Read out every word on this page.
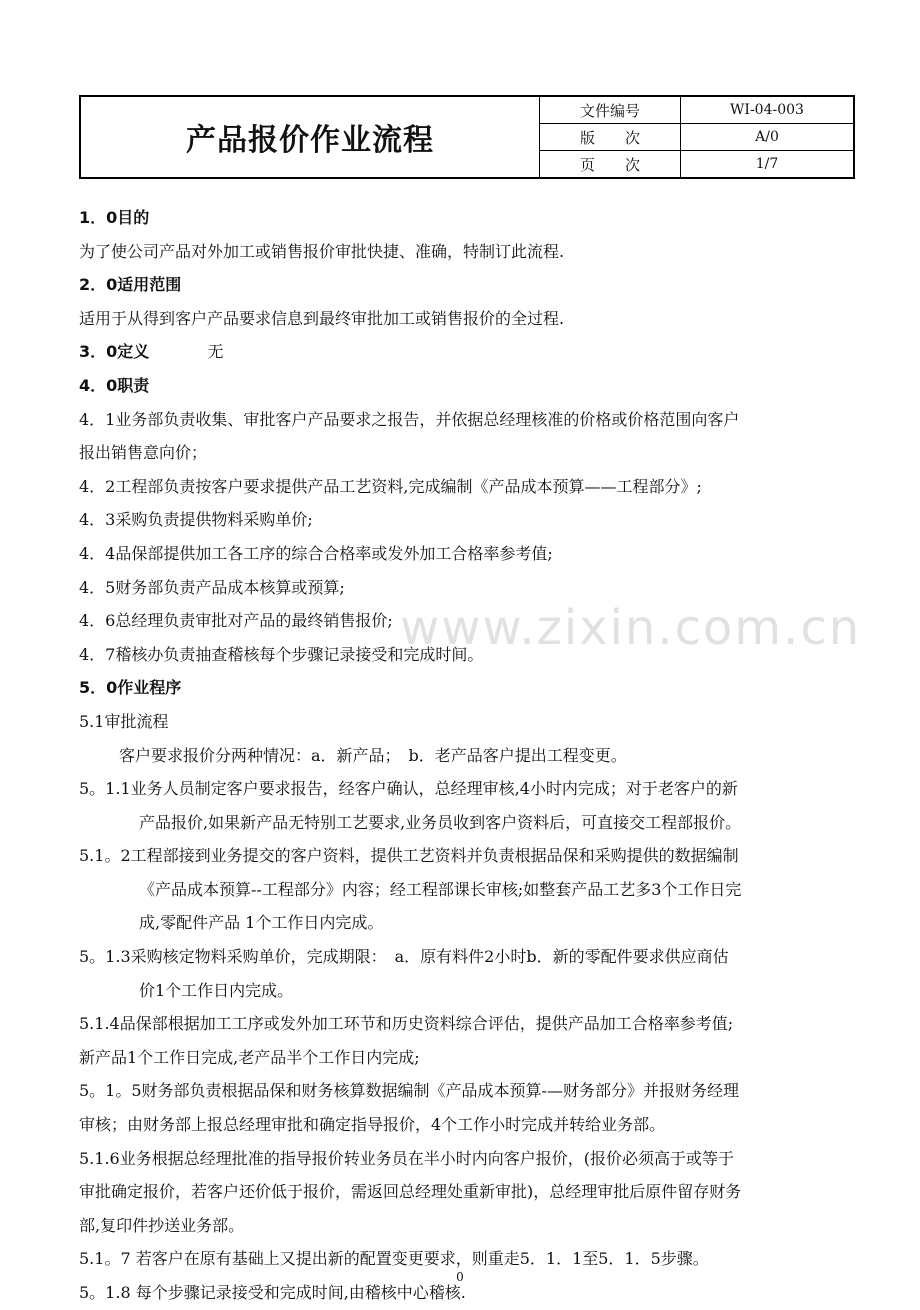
产品报价作业流程
文件编号	WI-04-003
版　　次	A/0
页　　次	1/7
1．0目的
为了使公司产品对外加工或销售报价审批快捷、准确，特制订此流程.
2．0适用范围
适用于从得到客户产品要求信息到最终审批加工或销售报价的全过程.
3．0定义	无
4．0职责
4．1业务部负责收集、审批客户产品要求之报告，并依据总经理核准的价格或价格范围向客户
报出销售意向价；
4．2工程部负责按客户要求提供产品工艺资料,完成编制《产品成本预算——工程部分》;
4．3采购负责提供物料采购单价;
4．4品保部提供加工各工序的综合合格率或发外加工合格率参考值;
4．5财务部负责产品成本核算或预算;
4．6总经理负责审批对产品的最终销售报价;
4．7稽核办负责抽查稽核每个步骤记录接受和完成时间。
5．0作业程序
5.1审批流程
客户要求报价分两种情况：a．新产品；　b．老产品客户提出工程变更。
5。1.1业务人员制定客户要求报告，经客户确认，总经理审核,4小时内完成；对于老客户的新
产品报价,如果新产品无特别工艺要求,业务员收到客户资料后，可直接交工程部报价。
5.1。2工程部接到业务提交的客户资料，提供工艺资料并负责根据品保和采购提供的数据编制
《产品成本预算--工程部分》内容；经工程部课长审核;如整套产品工艺多3个工作日完
成,零配件产品 1个工作日内完成。
5。1.3采购核定物料采购单价，完成期限：　a．原有料件2小时b．新的零配件要求供应商估
价1个工作日内完成。
5.1.4品保部根据加工工序或发外加工环节和历史资料综合评估，提供产品加工合格率参考值;
新产品1个工作日完成,老产品半个工作日内完成;
5。1。5财务部负责根据品保和财务核算数据编制《产品成本预算-—财务部分》并报财务经理
审核；由财务部上报总经理审批和确定指导报价，4个工作小时完成并转给业务部。
5.1.6业务根据总经理批准的指导报价转业务员在半小时内向客户报价，(报价必须高于或等于
审批确定报价，若客户还价低于报价，需返回总经理处重新审批)，总经理审批后原件留存财务
部,复印件抄送业务部。
5.1。7 若客户在原有基础上又提出新的配置变更要求，则重走5．1．1至5．1．5步骤。
5。1.8 每个步骤记录接受和完成时间,由稽核中心稽核.
www.zixin.com.cn
0
